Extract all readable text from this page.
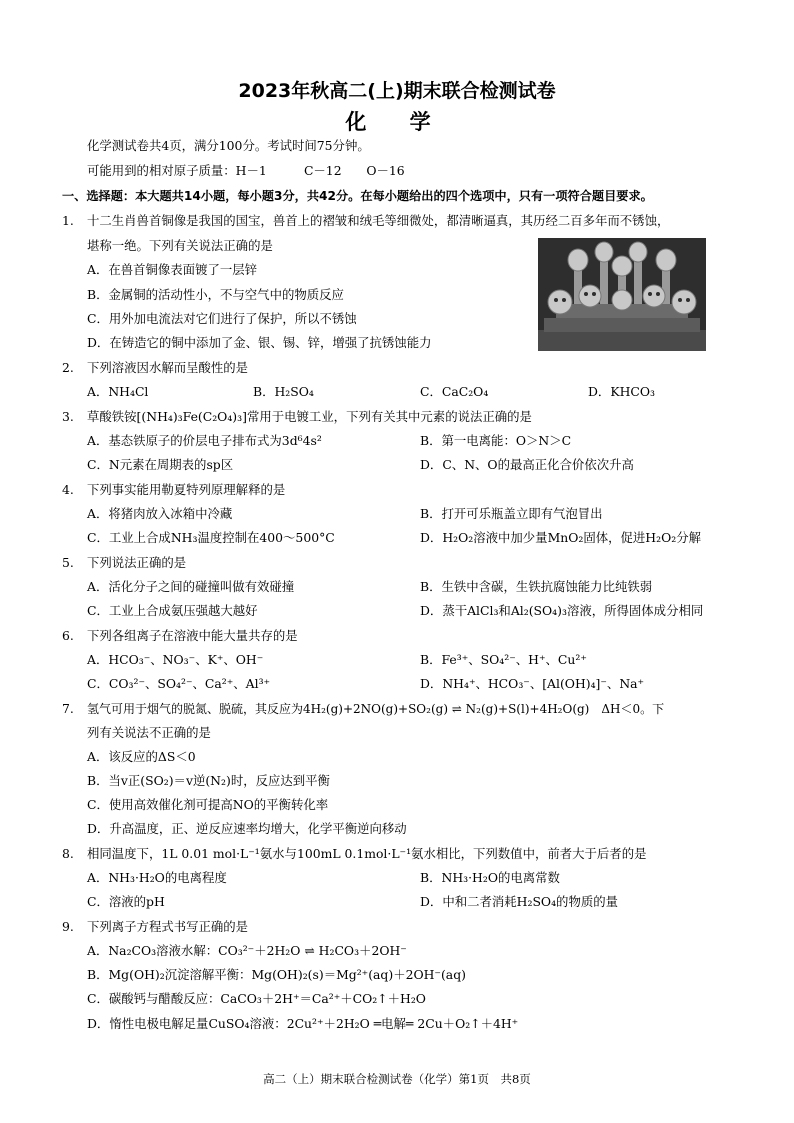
2023年秋高二(上)期末联合检测试卷
化 学
化学测试卷共4页，满分100分。考试时间75分钟。
可能用到的相对原子质量：H－1　　　C－12　　O－16
一、选择题：本大题共14小题，每小题3分，共42分。在每小题给出的四个选项中，只有一项符合题目要求。
1. 十二生肖兽首铜像是我国的国宝，兽首上的褶皱和绒毛等细微处，都清晰逼真，其历经二百多年而不锈蚀，
堪称一绝。下列有关说法正确的是
A．在兽首铜像表面镀了一层锌
B．金属铜的活动性小，不与空气中的物质反应
C．用外加电流法对它们进行了保护，所以不锈蚀
D．在铸造它的铜中添加了金、银、锡、锌，增强了抗锈蚀能力
2. 下列溶液因水解而呈酸性的是
A．NH₄Cl	B．H₂SO₄	C．CaC₂O₄	D．KHCO₃
3. 草酸铁铵[(NH₄)₃Fe(C₂O₄)₃]常用于电镀工业，下列有关其中元素的说法正确的是
A．基态铁原子的价层电子排布式为3d⁶4s²	B．第一电离能：O＞N＞C
C．N元素在周期表的sp区	D．C、N、O的最高正化合价依次升高
4. 下列事实能用勒夏特列原理解释的是
A．将猪肉放入冰箱中冷藏	B．打开可乐瓶盖立即有气泡冒出
C．工业上合成NH₃温度控制在400～500°C	D．H₂O₂溶液中加少量MnO₂固体，促进H₂O₂分解
5. 下列说法正确的是
A．活化分子之间的碰撞叫做有效碰撞	B．生铁中含碳，生铁抗腐蚀能力比纯铁弱
C．工业上合成氨压强越大越好	D．蒸干AlCl₃和Al₂(SO₄)₃溶液，所得固体成分相同
6. 下列各组离子在溶液中能大量共存的是
A．HCO₃⁻、NO₃⁻、K⁺、OH⁻	B．Fe³⁺、SO₄²⁻、H⁺、Cu²⁺
C．CO₃²⁻、SO₄²⁻、Ca²⁺、Al³⁺	D．NH₄⁺、HCO₃⁻、[Al(OH)₄]⁻、Na⁺
7. 氢气可用于烟气的脱氮、脱硫，其反应为4H₂(g)+2NO(g)+SO₂(g) ⇌ N₂(g)+S(l)+4H₂O(g)　ΔH＜0。下
列有关说法不正确的是
A．该反应的ΔS＜0
B．当v正(SO₂)＝v逆(N₂)时，反应达到平衡
C．使用高效催化剂可提高NO的平衡转化率
D．升高温度，正、逆反应速率均增大，化学平衡逆向移动
8. 相同温度下，1L 0.01 mol·L⁻¹氨水与100mL 0.1mol·L⁻¹氨水相比，下列数值中，前者大于后者的是
A．NH₃·H₂O的电离程度	B．NH₃·H₂O的电离常数
C．溶液的pH	D．中和二者消耗H₂SO₄的物质的量
9. 下列离子方程式书写正确的是
A．Na₂CO₃溶液水解：CO₃²⁻＋2H₂O ⇌ H₂CO₃＋2OH⁻
B．Mg(OH)₂沉淀溶解平衡：Mg(OH)₂(s)＝Mg²⁺(aq)＋2OH⁻(aq)
C．碳酸钙与醋酸反应：CaCO₃＋2H⁺＝Ca²⁺＋CO₂↑＋H₂O
D．惰性电极电解足量CuSO₄溶液：2Cu²⁺＋2H₂O ═电解═ 2Cu＋O₂↑＋4H⁺
高二（上）期末联合检测试卷（化学）第1页　共8页
